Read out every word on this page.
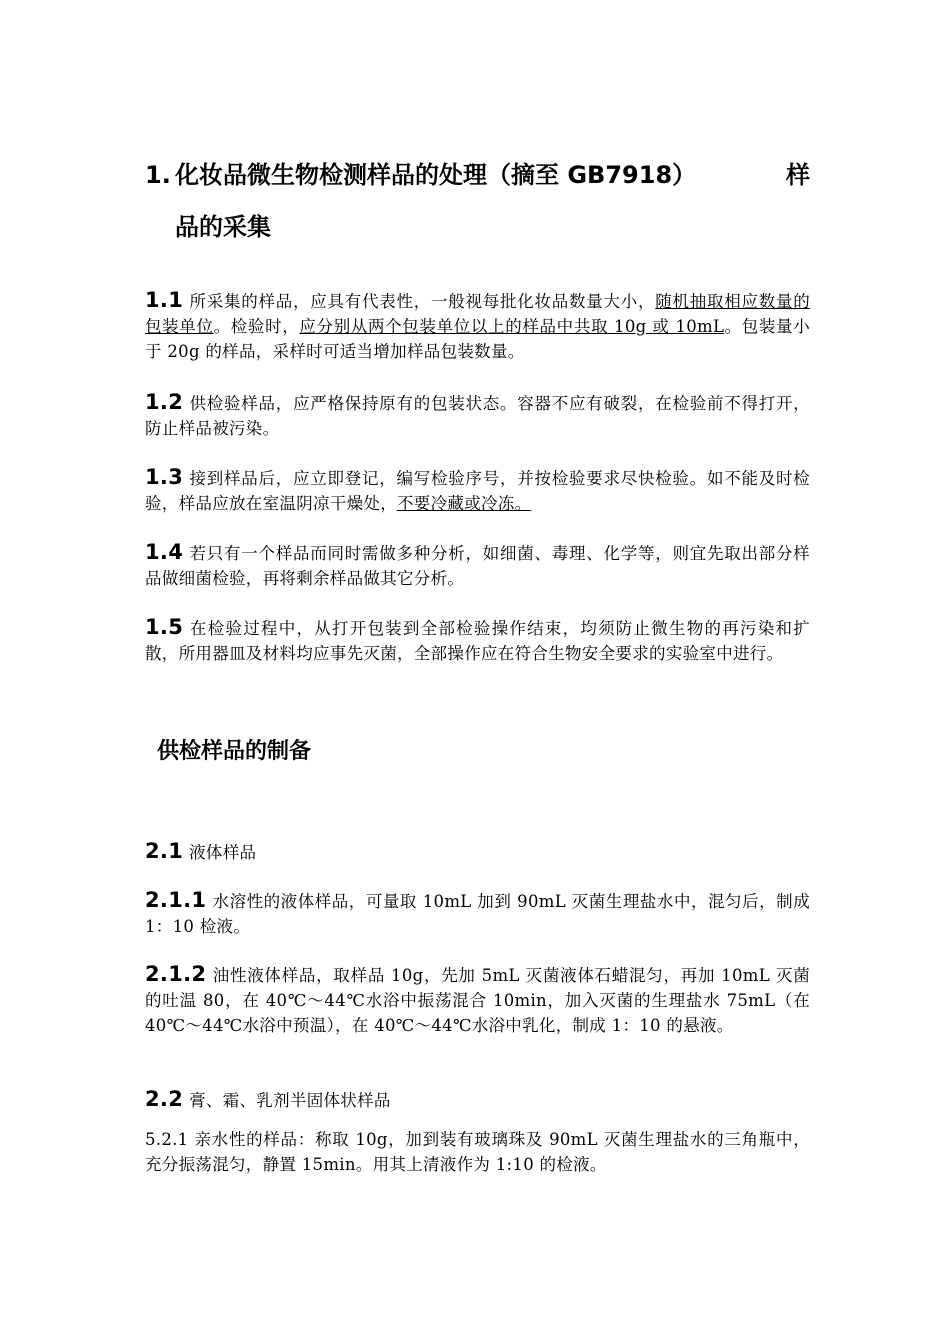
1. 化妆品微生物检测样品的处理（摘至 GB7918）	样
品的采集
1.1 所采集的样品，应具有代表性，一般视每批化妆品数量大小，随机抽取相应数量的包装单位。检验时，应分别从两个包装单位以上的样品中共取 10g 或 10mL。包装量小于 20g 的样品，采样时可适当增加样品包装数量。
1.2 供检验样品，应严格保持原有的包装状态。容器不应有破裂，在检验前不得打开，防止样品被污染。
1.3 接到样品后，应立即登记，编写检验序号，并按检验要求尽快检验。如不能及时检验，样品应放在室温阴凉干燥处，不要冷藏或冷冻。
1.4 若只有一个样品而同时需做多种分析，如细菌、毒理、化学等，则宜先取出部分样品做细菌检验，再将剩余样品做其它分析。
1.5 在检验过程中，从打开包装到全部检验操作结束，均须防止微生物的再污染和扩散，所用器皿及材料均应事先灭菌，全部操作应在符合生物安全要求的实验室中进行。
供检样品的制备
2.1 液体样品
2.1.1 水溶性的液体样品，可量取 10mL 加到 90mL 灭菌生理盐水中，混匀后，制成 1：10 检液。
2.1.2 油性液体样品，取样品 10g，先加 5mL 灭菌液体石蜡混匀，再加 10mL 灭菌的吐温 80，在 40℃～44℃水浴中振荡混合 10min，加入灭菌的生理盐水 75mL（在 40℃～44℃水浴中预温），在 40℃～44℃水浴中乳化，制成 1：10 的悬液。
2.2 膏、霜、乳剂半固体状样品
5.2.1 亲水性的样品：称取 10g，加到装有玻璃珠及 90mL 灭菌生理盐水的三角瓶中，充分振荡混匀，静置 15min。用其上清液作为 1:10 的检液。
